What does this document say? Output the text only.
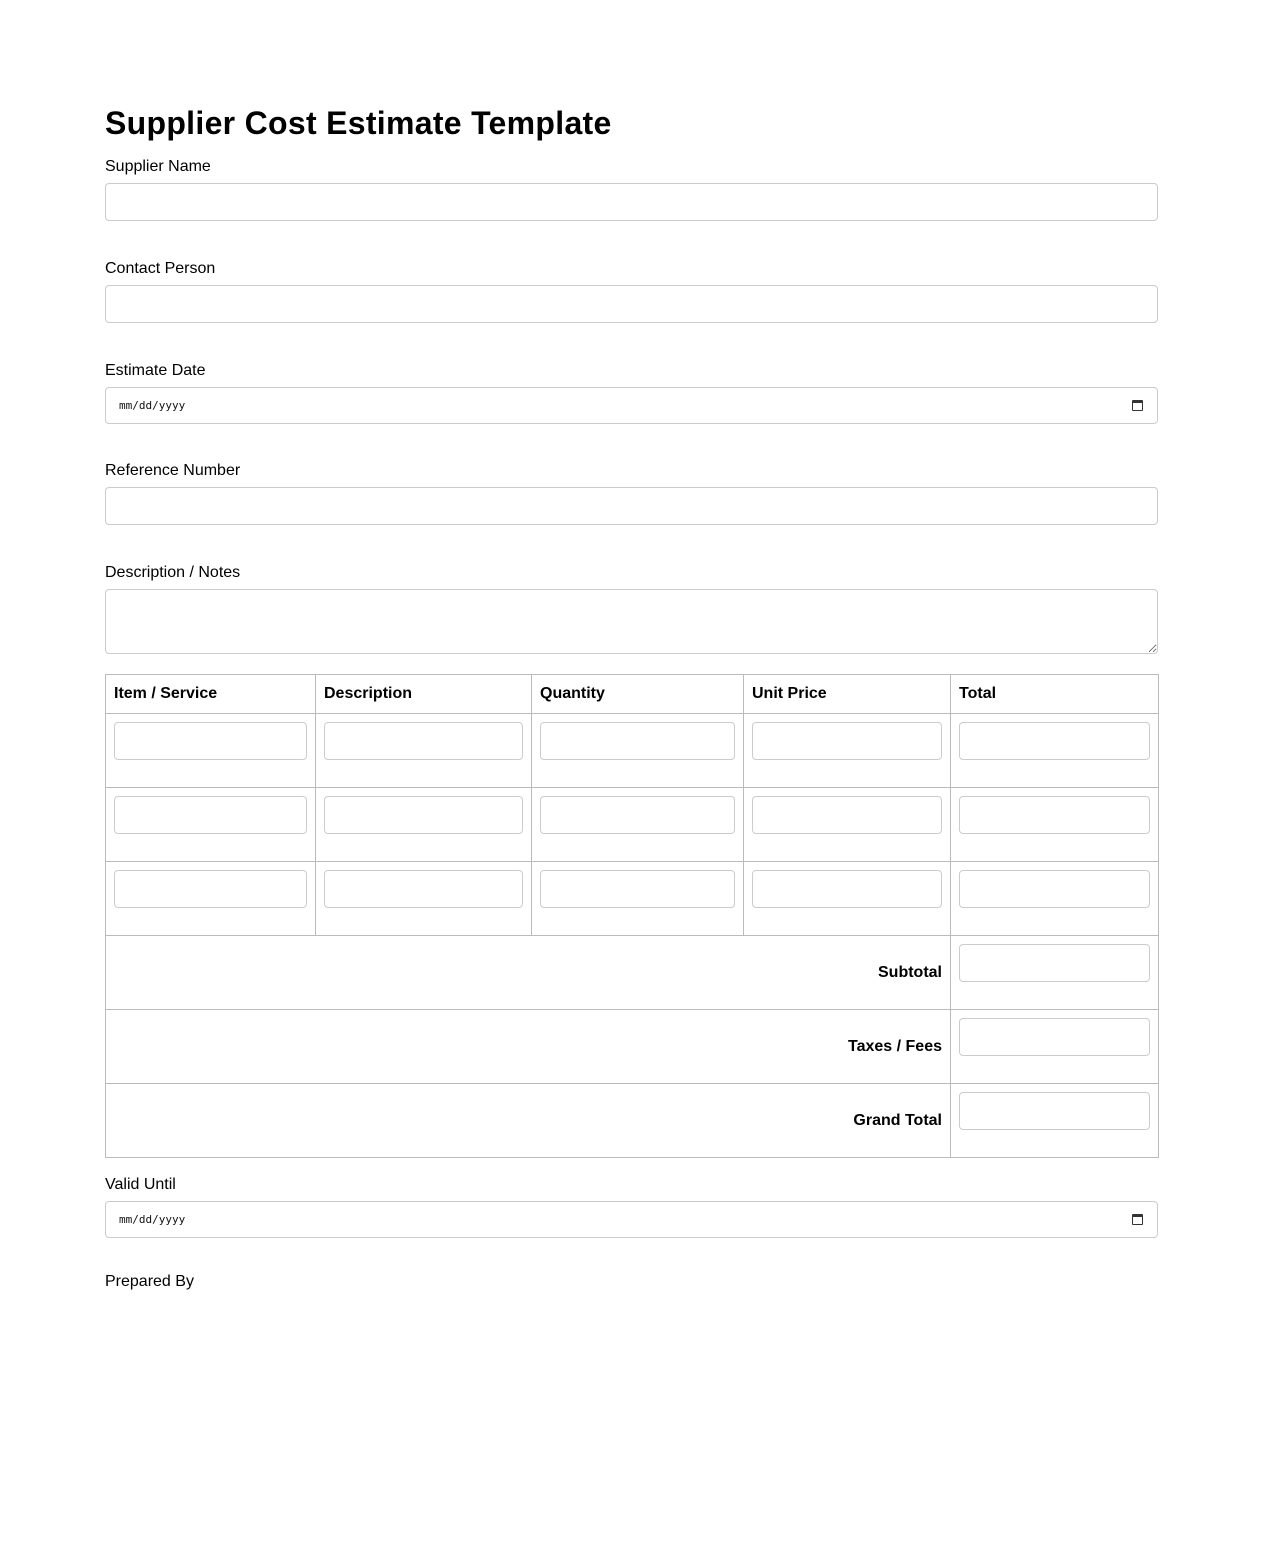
Supplier Cost Estimate Template
Supplier Name
Contact Person
Estimate Date
mm/dd/yyyy
Reference Number
Description / Notes
Item / Service	Description	Quantity	Unit Price	Total

Subtotal	

Taxes / Fees	

Grand Total	
Valid Until
mm/dd/yyyy
Prepared By
